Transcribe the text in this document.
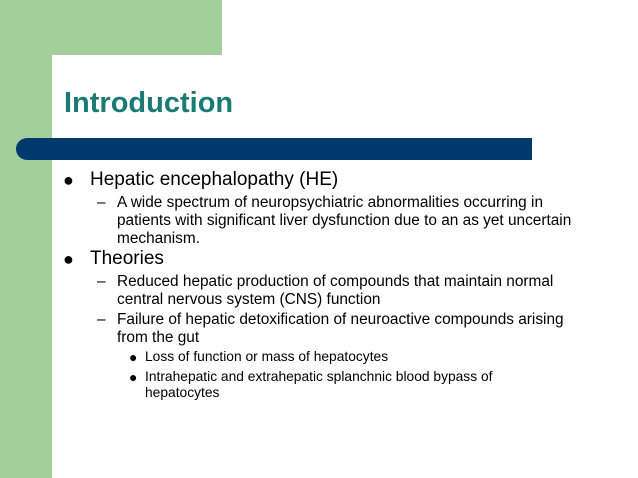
Introduction
● Hepatic encephalopathy (HE)
– A wide spectrum of neuropsychiatric abnormalities occurring in patients with significant liver dysfunction due to an as yet uncertain mechanism.
● Theories
– Reduced hepatic production of compounds that maintain normal central nervous system (CNS) function
– Failure of hepatic detoxification of neuroactive compounds arising from the gut
● Loss of function or mass of hepatocytes
● Intrahepatic and extrahepatic splanchnic blood bypass of hepatocytes
